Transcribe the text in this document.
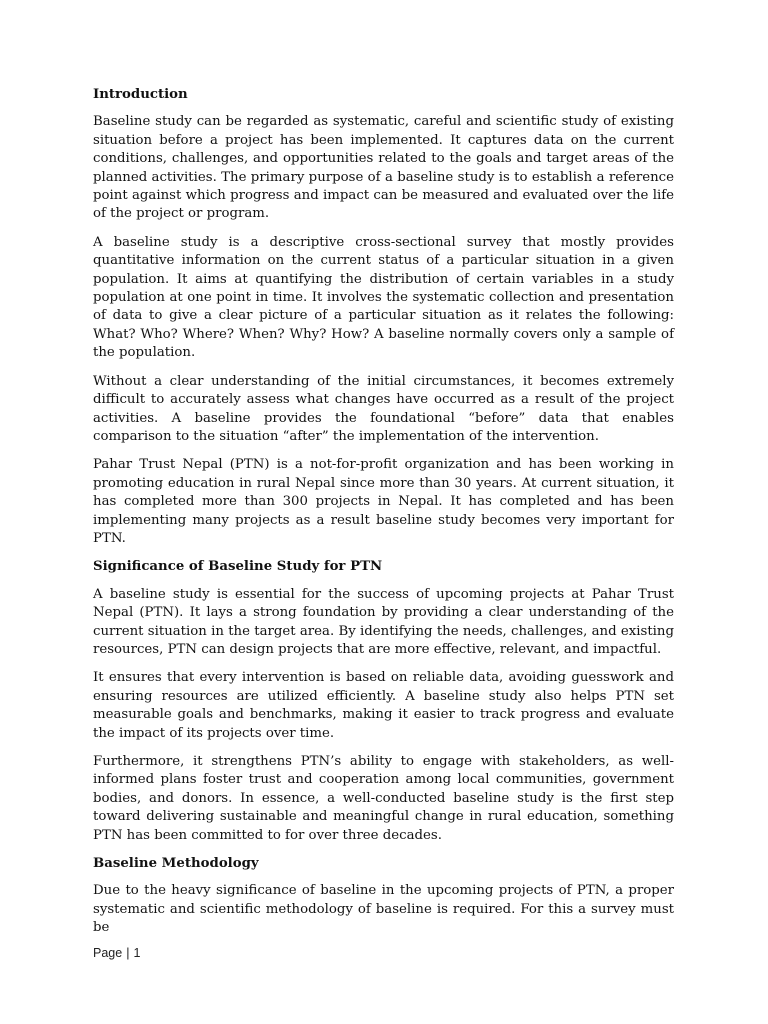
Introduction

Baseline study can be regarded as systematic, careful and scientific study of existing situation before a project has been implemented. It captures data on the current conditions, challenges, and opportunities related to the goals and target areas of the planned activities. The primary purpose of a baseline study is to establish a reference point against which progress and impact can be measured and evaluated over the life of the project or program.

A baseline study is a descriptive cross-sectional survey that mostly provides quantitative information on the current status of a particular situation in a given population. It aims at quantifying the distribution of certain variables in a study population at one point in time. It involves the systematic collection and presentation of data to give a clear picture of a particular situation as it relates the following: What? Who? Where? When? Why? How? A baseline normally covers only a sample of the population.

Without a clear understanding of the initial circumstances, it becomes extremely difficult to accurately assess what changes have occurred as a result of the project activities. A baseline provides the foundational “before” data that enables comparison to the situation “after” the implementation of the intervention.

Pahar Trust Nepal (PTN) is a not-for-profit organization and has been working in promoting education in rural Nepal since more than 30 years. At current situation, it has completed more than 300 projects in Nepal. It has completed and has been implementing many projects as a result baseline study becomes very important for PTN.

Significance of Baseline Study for PTN

A baseline study is essential for the success of upcoming projects at Pahar Trust Nepal (PTN). It lays a strong foundation by providing a clear understanding of the current situation in the target area. By identifying the needs, challenges, and existing resources, PTN can design projects that are more effective, relevant, and impactful.

It ensures that every intervention is based on reliable data, avoiding guesswork and ensuring resources are utilized efficiently. A baseline study also helps PTN set measurable goals and benchmarks, making it easier to track progress and evaluate the impact of its projects over time.

Furthermore, it strengthens PTN’s ability to engage with stakeholders, as well-informed plans foster trust and cooperation among local communities, government bodies, and donors. In essence, a well-conducted baseline study is the first step toward delivering sustainable and meaningful change in rural education, something PTN has been committed to for over three decades.

Baseline Methodology

Due to the heavy significance of baseline in the upcoming projects of PTN, a proper systematic and scientific methodology of baseline is required. For this a survey must be

Page | 1
